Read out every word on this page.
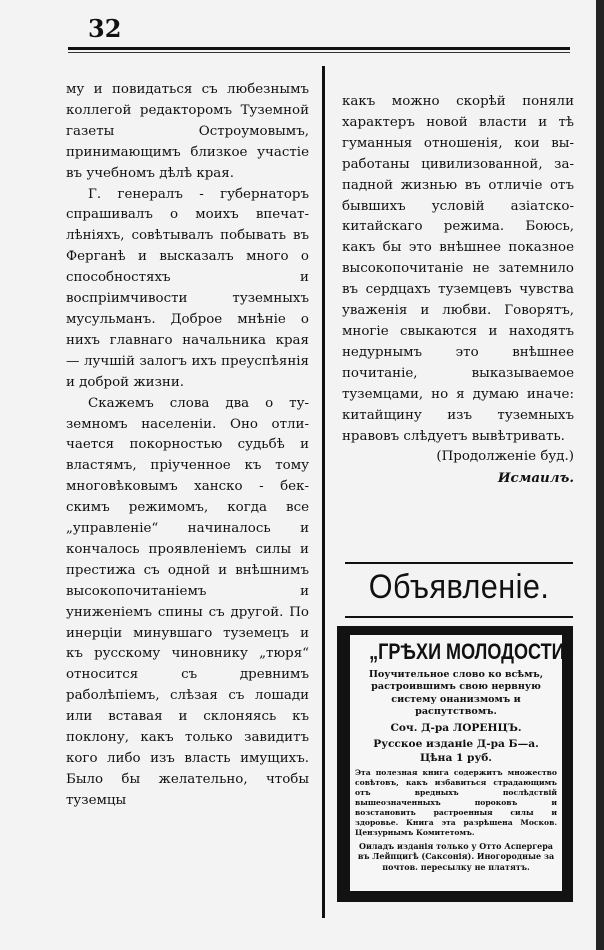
32

му и повидаться съ любезнымъ коллегой редакторомъ Туземной газеты Остроумовымъ, принимающимъ близкое участіе въ учебномъ дѣлѣ края.

Г. генералъ - губернаторъ спрашивалъ о моихъ впечатлѣніяхъ, совѣтывалъ побывать въ Ферганѣ и высказалъ много о способностяхъ и воспріимчивости туземныхъ мусульманъ. Доброе мнѣніе о нихъ главнаго начальника края — лучшій залогъ ихъ преуспѣянія и доброй жизни.

Скажемъ слова два о туземномъ населеніи. Оно отличается покорностью судьбѣ и властямъ, пріученное къ тому многовѣковымъ ханско - бекскимъ режимомъ, когда все „управленіе“ начиналось и кончалось проявленіемъ силы и престижа съ одной и внѣшнимъ высокопочитаніемъ и униженіемъ спины съ другой. По инерціи минувшаго туземецъ и къ русскому чиновнику „тюря“ относится съ древнимъ раболѣпіемъ, слѣзая съ лошади или вставая и склоняясь къ поклону, какъ только завидитъ кого либо изъ власть имущихъ. Было бы желательно, чтобы туземцы

какъ можно скорѣй поняли характеръ новой власти и тѣ гуманныя отношенія, кои выработаны цивилизованной, западной жизнью въ отличіе отъ бывшихъ условій азіатско-китайскаго режима. Боюсь, какъ бы это внѣшнее показное высокопочитаніе не затемнило въ сердцахъ туземцевъ чувства уваженія и любви. Говорятъ, многіе свыкаются и находятъ недурнымъ это внѣшнее почитаніе, выказываемое туземцами, но я думаю иначе: китайщину изъ туземныхъ нравовъ слѣдуетъ вывѣтривать.

(Продолженіе буд.)

Исмаилъ.

Объявленіе.
„ГРѢХИ МОЛОДОСТИ“
Поучительное слово ко всѣмъ, растроившимъ свою нервную систему онанизмомъ и распутствомъ.
Соч. Д-ра ЛОРЕНЦЪ.
Русское изданіе Д-ра Б—а.
Цѣна 1 руб.
Эта полезная книга содержитъ множество совѣтовъ, какъ избавиться страдающимъ отъ вредныхъ послѣдствій вышеозначенныхъ пороковъ и возстановить растроенныя силы и здоровье. Книга эта разрѣшена Москов. Цензурнымъ Комитетомъ.
Оиладъ изданія только у Отто Аспергера въ Лейпцигѣ (Саксонія). Иногородные за почтов. пересылку не платятъ.
